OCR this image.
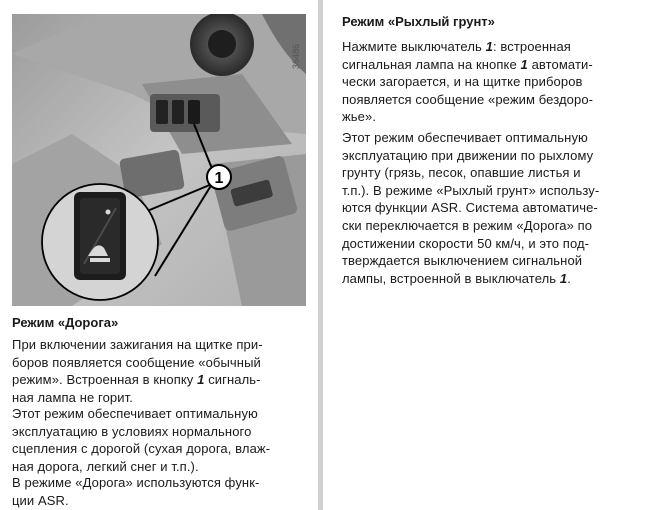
1
36486
Режим «Дорога»
При включении зажигания на щитке при-
боров появляется сообщение «обычный
режим». Встроенная в кнопку 1 сигналь-
ная лампа не горит.
Этот режим обеспечивает оптимальную
эксплуатацию в условиях нормального
сцепления с дорогой (сухая дорога, влаж-
ная дорога, легкий снег и т.п.).
В режиме «Дорога» используются функ-
ции ASR.
Режим «Рыхлый грунт»
Нажмите выключатель 1: встроенная
сигнальная лампа на кнопке 1 автомати-
чески загорается, и на щитке приборов
появляется сообщение «режим бездоро-
жье».
Этот режим обеспечивает оптимальную
эксплуатацию при движении по рыхлому
грунту (грязь, песок, опавшие листья и
т.п.). В режиме «Рыхлый грунт» использу-
ются функции ASR. Система автоматиче-
ски переключается в режим «Дорога» по
достижении скорости 50 км/ч, и это под-
тверждается выключением сигнальной
лампы, встроенной в выключатель 1.
